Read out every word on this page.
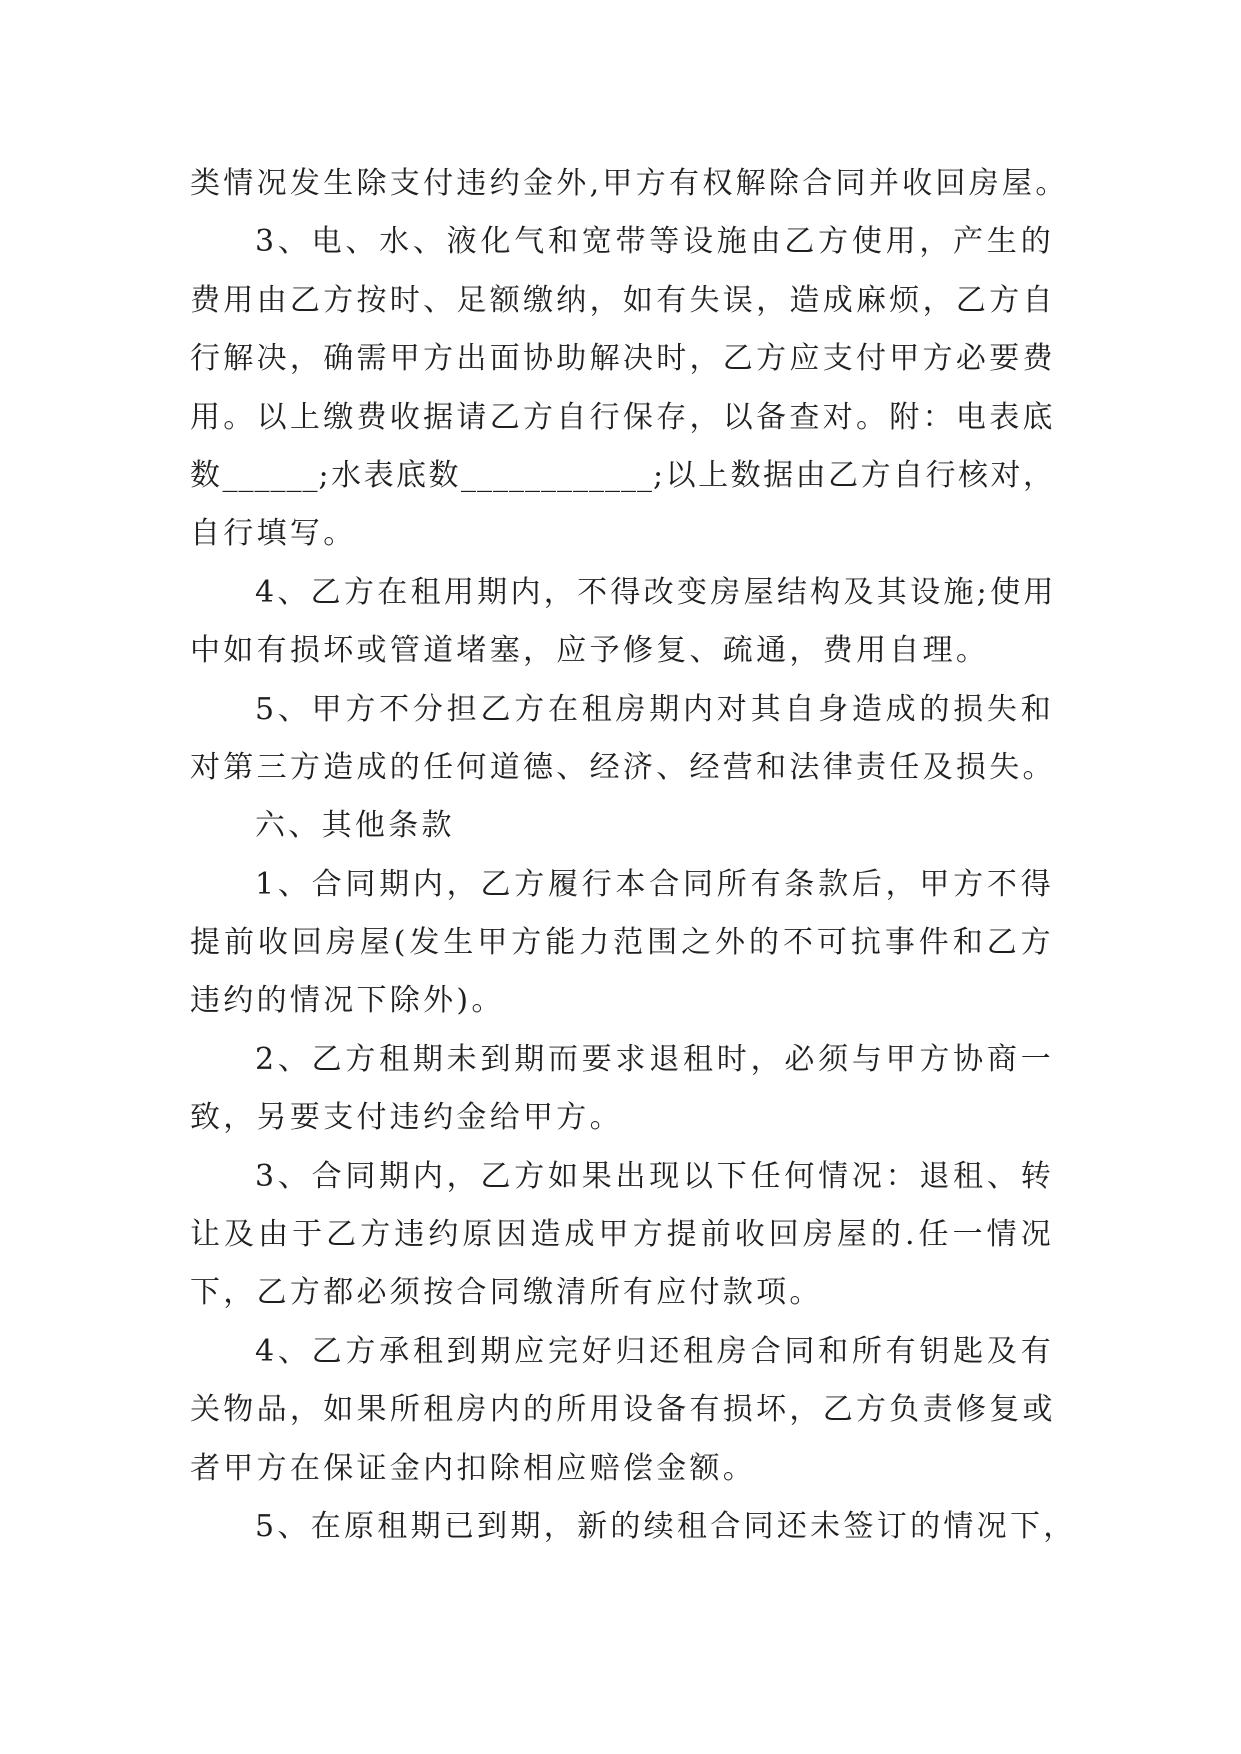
类情况发生除支付违约金外,甲方有权解除合同并收回房屋。
3、电、水、液化气和宽带等设施由乙方使用，产生的
费用由乙方按时、足额缴纳，如有失误，造成麻烦，乙方自
行解决，确需甲方出面协助解决时，乙方应支付甲方必要费
用。以上缴费收据请乙方自行保存，以备查对。附：电表底
数______;水表底数____________;以上数据由乙方自行核对，
自行填写。
4、乙方在租用期内，不得改变房屋结构及其设施;使用
中如有损坏或管道堵塞，应予修复、疏通，费用自理。
5、甲方不分担乙方在租房期内对其自身造成的损失和
对第三方造成的任何道德、经济、经营和法律责任及损失。
六、其他条款
1、合同期内，乙方履行本合同所有条款后，甲方不得
提前收回房屋(发生甲方能力范围之外的不可抗事件和乙方
违约的情况下除外)。
2、乙方租期未到期而要求退租时，必须与甲方协商一
致，另要支付违约金给甲方。
3、合同期内，乙方如果出现以下任何情况：退租、转
让及由于乙方违约原因造成甲方提前收回房屋的.任一情况
下，乙方都必须按合同缴清所有应付款项。
4、乙方承租到期应完好归还租房合同和所有钥匙及有
关物品，如果所租房内的所用设备有损坏，乙方负责修复或
者甲方在保证金内扣除相应赔偿金额。
5、在原租期已到期，新的续租合同还未签订的情况下，
